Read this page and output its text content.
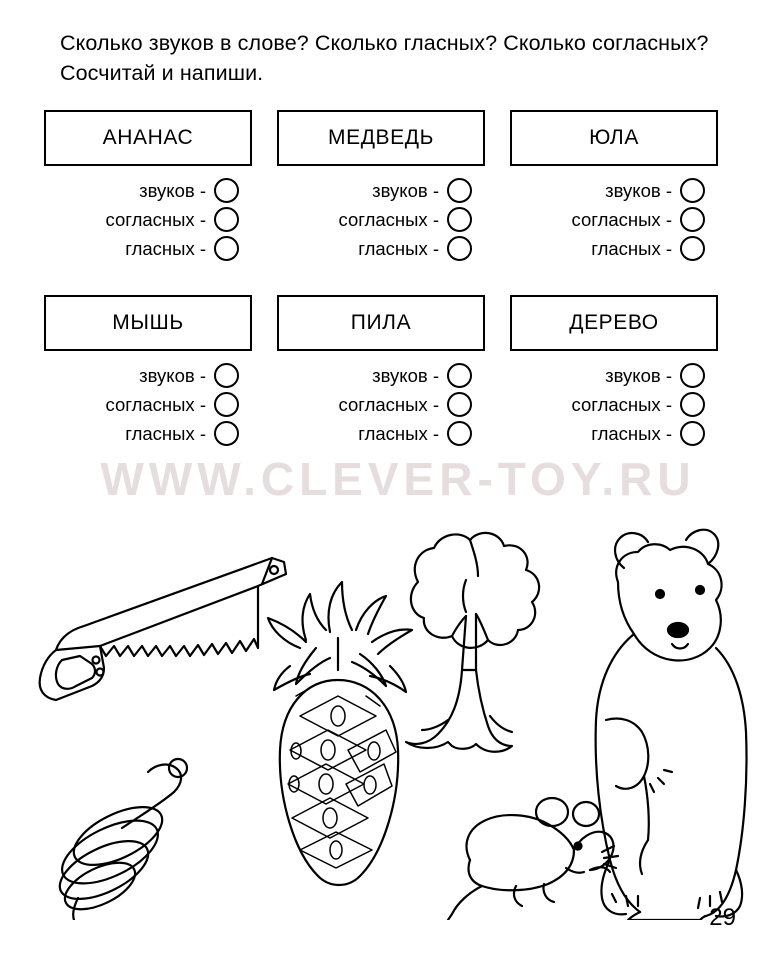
Сколько звуков в слове? Сколько гласных? Сколько согласных? Сосчитай и напиши.
АНАНАС
звуков -
согласных -
гласных -
МЕДВЕДЬ
звуков -
согласных -
гласных -
ЮЛА
звуков -
согласных -
гласных -
МЫШЬ
звуков -
согласных -
гласных -
ПИЛА
звуков -
согласных -
гласных -
ДЕРЕВО
звуков -
согласных -
гласных -
WWW.CLEVER-TOY.RU
29
